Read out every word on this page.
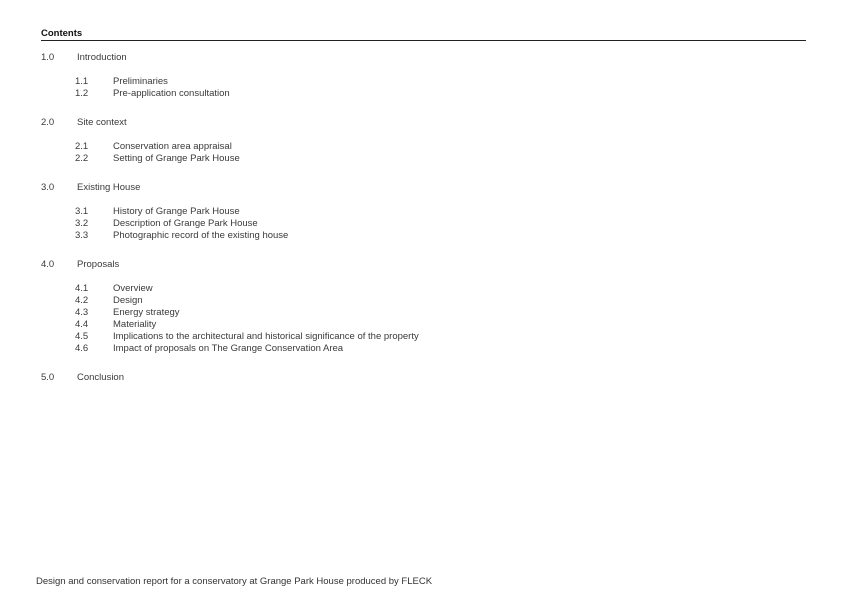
Contents
1.0 Introduction
1.1	Preliminaries
1.2	Pre-application consultation
2.0 Site context
2.1	Conservation area appraisal
2.2	Setting of Grange Park House
3.0 Existing House
3.1	History of Grange Park House
3.2	Description of Grange Park House
3.3	Photographic record of the existing house
4.0 Proposals
4.1	Overview
4.2	Design
4.3	Energy strategy
4.4	Materiality
4.5	Implications to the architectural and historical significance of the property
4.6	Impact of proposals on The Grange Conservation Area
5.0 Conclusion
Design and conservation report for a conservatory at Grange Park House produced by FLECK
